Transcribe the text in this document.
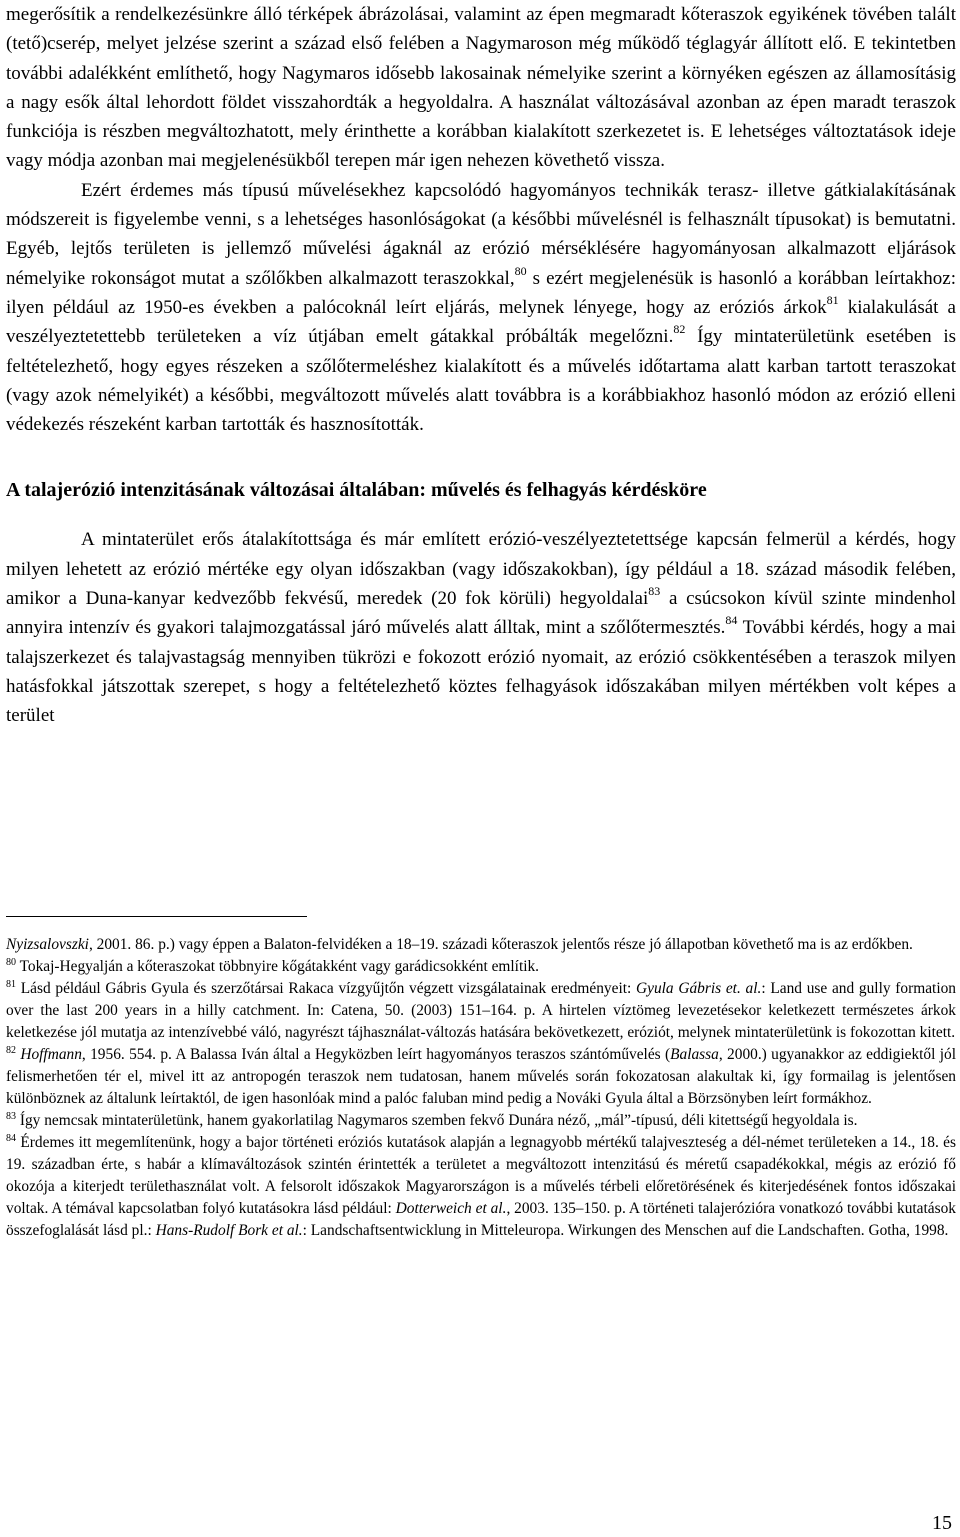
megerősítik a rendelkezésünkre álló térképek ábrázolásai, valamint az épen megmaradt kőteraszok egyikének tövében talált (tető)cserép, melyet jelzése szerint a század első felében a Nagymaroson még működő téglagyár állított elő. E tekintetben további adalékként említhető, hogy Nagymaros idősebb lakosainak némelyike szerint a környéken egészen az államosításig a nagy esők által lehordott földet visszahordták a hegyoldalra. A használat változásával azonban az épen maradt teraszok funkciója is részben megváltozhatott, mely érinthette a korábban kialakított szerkezetet is. E lehetséges változtatások ideje vagy módja azonban mai megjelenésükből terepen már igen nehezen követhető vissza.

Ezért érdemes más típusú művelésekhez kapcsolódó hagyományos technikák terasz- illetve gátkialakításának módszereit is figyelembe venni, s a lehetséges hasonlóságokat (a későbbi művelésnél is felhasznált típusokat) is bemutatni. Egyéb, lejtős területen is jellemző művelési ágaknál az erózió mérséklésére hagyományosan alkalmazott eljárások némelyike rokonságot mutat a szőlőkben alkalmazott teraszokkal,$^{80}$ s ezért megjelenésük is hasonló a korábban leírtakhoz: ilyen például az 1950-es években a palócoknál leírt eljárás, melynek lényege, hogy az eróziós árkok$^{81}$ kialakulását a veszélyeztetettebb területeken a víz útjában emelt gátakkal próbálták megelőzni.$^{82}$ Így mintaterületünk esetében is feltételezhető, hogy egyes részeken a szőlőtermeléshez kialakított és a művelés időtartama alatt karban tartott teraszokat (vagy azok némelyikét) a későbbi, megváltozott művelés alatt továbbra is a korábbiakhoz hasonló módon az erózió elleni védekezés részeként karban tartották és hasznosították.

A talajerózió intenzitásának változásai általában: művelés és felhagyás kérdésköre

A mintaterület erős átalakítottsága és már említett erózió-veszélyeztetettsége kapcsán felmerül a kérdés, hogy milyen lehetett az erózió mértéke egy olyan időszakban (vagy időszakokban), így például a 18. század második felében, amikor a Duna-kanyar kedvezőbb fekvésű, meredek (20 fok körüli) hegyoldalai$^{83}$ a csúcsokon kívül szinte mindenhol annyira intenzív és gyakori talajmozgatással járó művelés alatt álltak, mint a szőlőtermesztés.$^{84}$ További kérdés, hogy a mai talajszerkezet és talajvastagság mennyiben tükrözi e fokozott erózió nyomait, az erózió csökkentésében a teraszok milyen hatásfokkal játszottak szerepet, s hogy a feltételezhető köztes felhagyások időszakában milyen mértékben volt képes a terület

Nyizsalovszki, 2001. 86. p.) vagy éppen a Balaton-felvidéken a 18–19. századi kőteraszok jelentős része jó állapotban követhető ma is az erdőkben.

$^{80}$ Tokaj-Hegyalján a kőteraszokat többnyire kőgátakként vagy garádicsokként említik.

$^{81}$ Lásd például Gábris Gyula és szerzőtársai Rakaca vízgyűjtőn végzett vizsgálatainak eredményeit: Gyula Gábris et. al.: Land use and gully formation over the last 200 years in a hilly catchment. In: Catena, 50. (2003) 151–164. p. A hirtelen víztömeg levezetésekor keletkezett természetes árkok keletkezése jól mutatja az intenzívebbé váló, nagyrészt tájhasználat-változás hatására bekövetkezett, eróziót, melynek mintaterületünk is fokozottan kitett.

$^{82}$ Hoffmann, 1956. 554. p. A Balassa Iván által a Hegyközben leírt hagyományos teraszos szántóművelés (Balassa, 2000.) ugyanakkor az eddigiektől jól felismerhetően tér el, mivel itt az antropogén teraszok nem tudatosan, hanem művelés során fokozatosan alakultak ki, így formailag is jelentősen különböznek az általunk leírtaktól, de igen hasonlóak mind a palóc faluban mind pedig a Nováki Gyula által a Börzsönyben leírt formákhoz.

$^{83}$ Így nemcsak mintaterületünk, hanem gyakorlatilag Nagymaros szemben fekvő Dunára néző, „mál”-típusú, déli kitettségű hegyoldala is.

$^{84}$ Érdemes itt megemlítenünk, hogy a bajor történeti eróziós kutatások alapján a legnagyobb mértékű talajveszteség a dél-német területeken a 14., 18. és 19. században érte, s habár a klímaváltozások szintén érintették a területet a megváltozott intenzitású és méretű csapadékokkal, mégis az erózió fő okozója a kiterjedt területhasználat volt. A felsorolt időszakok Magyarországon is a művelés térbeli előretörésének és kiterjedésének fontos időszakai voltak. A témával kapcsolatban folyó kutatásokra lásd például: Dotterweich et al., 2003. 135–150. p. A történeti talajerózióra vonatkozó további kutatások összefoglalását lásd pl.: Hans-Rudolf Bork et al.: Landschaftsentwicklung in Mitteleuropa. Wirkungen des Menschen auf die Landschaften. Gotha, 1998.

15
